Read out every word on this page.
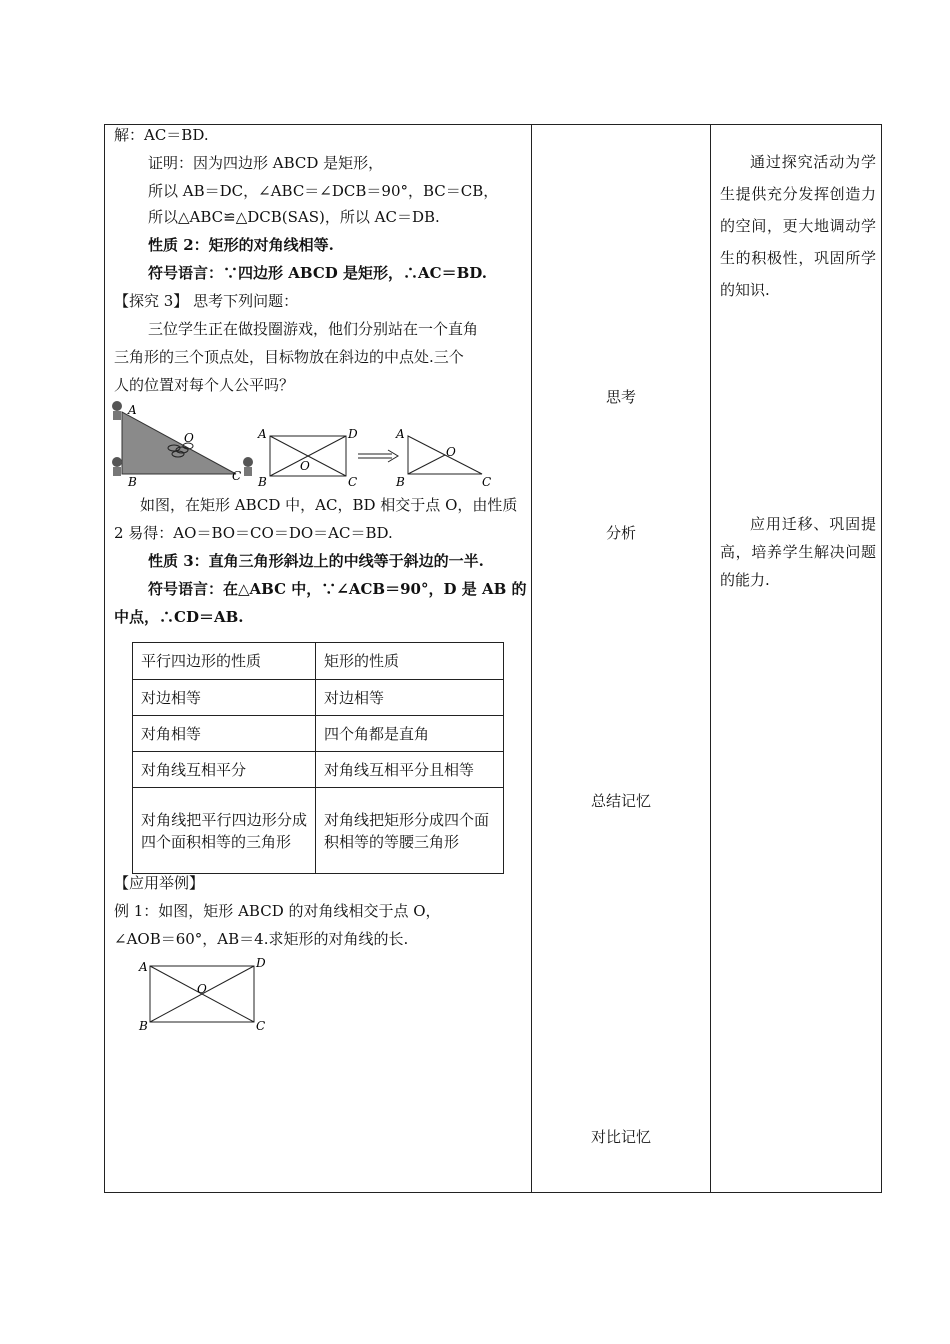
解：AC＝BD.
证明：因为四边形 ABCD 是矩形，
所以 AB＝DC，∠ABC＝∠DCB＝90°，BC＝CB，
所以△ABC≌△DCB(SAS)，所以 AC＝DB.
性质 2：矩形的对角线相等.
符号语言：∵四边形 ABCD 是矩形，∴AC＝BD.
【探究 3】 思考下列问题：
三位学生正在做投圈游戏，他们分别站在一个直角
三角形的三个顶点处，目标物放在斜边的中点处.三个
人的位置对每个人公平吗？
A
O
B	C
A	D
O
B	C
A
O
B	C
如图，在矩形 ABCD 中，AC，BD 相交于点 O，由性质
2 易得：AO＝BO＝CO＝DO＝AC＝BD.
性质 3：直角三角形斜边上的中线等于斜边的一半.
符号语言：在△ABC 中，∵∠ACB＝90°，D 是 AB 的
中点，∴CD＝AB.
平行四边形的性质	矩形的性质
对边相等	对边相等
对角相等	四个角都是直角
对角线互相平分	对角线互相平分且相等
对角线把平行四边形分成四个面积相等的三角形	对角线把矩形分成四个面积相等的等腰三角形
【应用举例】
例 1：如图，矩形 ABCD 的对角线相交于点 O，
∠AOB＝60°，AB＝4.求矩形的对角线的长.
A	D
O
B	C
思考
分析
总结记忆
对比记忆

通过探究活动为学生提供充分发挥创造力的空间，更大地调动学生的积极性，巩固所学的知识.

应用迁移、巩固提高，培养学生解决问题的能力.
